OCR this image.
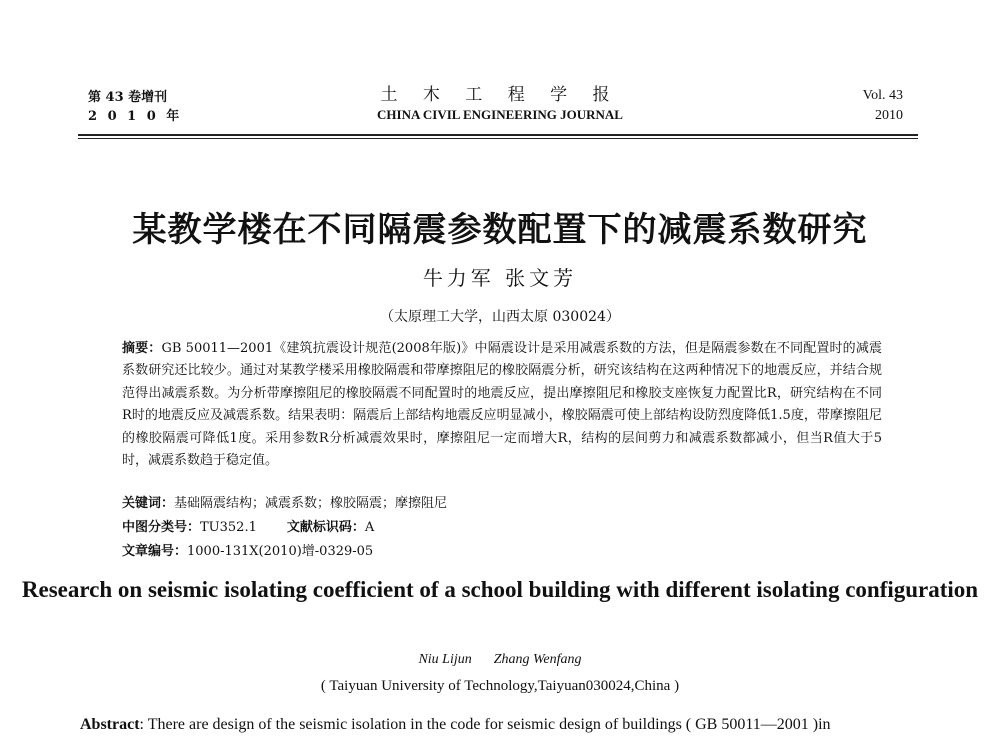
第 43 卷增刊
2 0 1 0 年
土 木 工 程 学 报
CHINA CIVIL ENGINEERING JOURNAL
Vol. 43
2010
某教学楼在不同隔震参数配置下的减震系数研究
牛力军 张文芳
（太原理工大学，山西太原 030024）
摘要：GB 50011—2001《建筑抗震设计规范(2008年版)》中隔震设计是采用减震系数的方法，但是隔震参数在不同配置时的减震系数研究还比较少。通过对某教学楼采用橡胶隔震和带摩擦阻尼的橡胶隔震分析，研究该结构在这两种情况下的地震反应，并结合规范得出减震系数。为分析带摩擦阻尼的橡胶隔震不同配置时的地震反应，提出摩擦阻尼和橡胶支座恢复力配置比R，研究结构在不同R时的地震反应及减震系数。结果表明：隔震后上部结构地震反应明显减小，橡胶隔震可使上部结构设防烈度降低1.5度，带摩擦阻尼的橡胶隔震可降低1度。采用参数R分析减震效果时，摩擦阻尼一定而增大R，结构的层间剪力和减震系数都减小，但当R值大于5时，减震系数趋于稳定值。
关键词：基础隔震结构；减震系数；橡胶隔震；摩擦阻尼
中图分类号：TU352.1 文献标识码：A
文章编号：1000-131X(2010)增-0329-05
Research on seismic isolating coefficient of a school building with different isolating configuration
Niu Lijun Zhang Wenfang
( Taiyuan University of Technology,Taiyuan030024,China )
Abstract: There are design of the seismic isolation in the code for seismic design of buildings ( GB 50011—2001 )in
